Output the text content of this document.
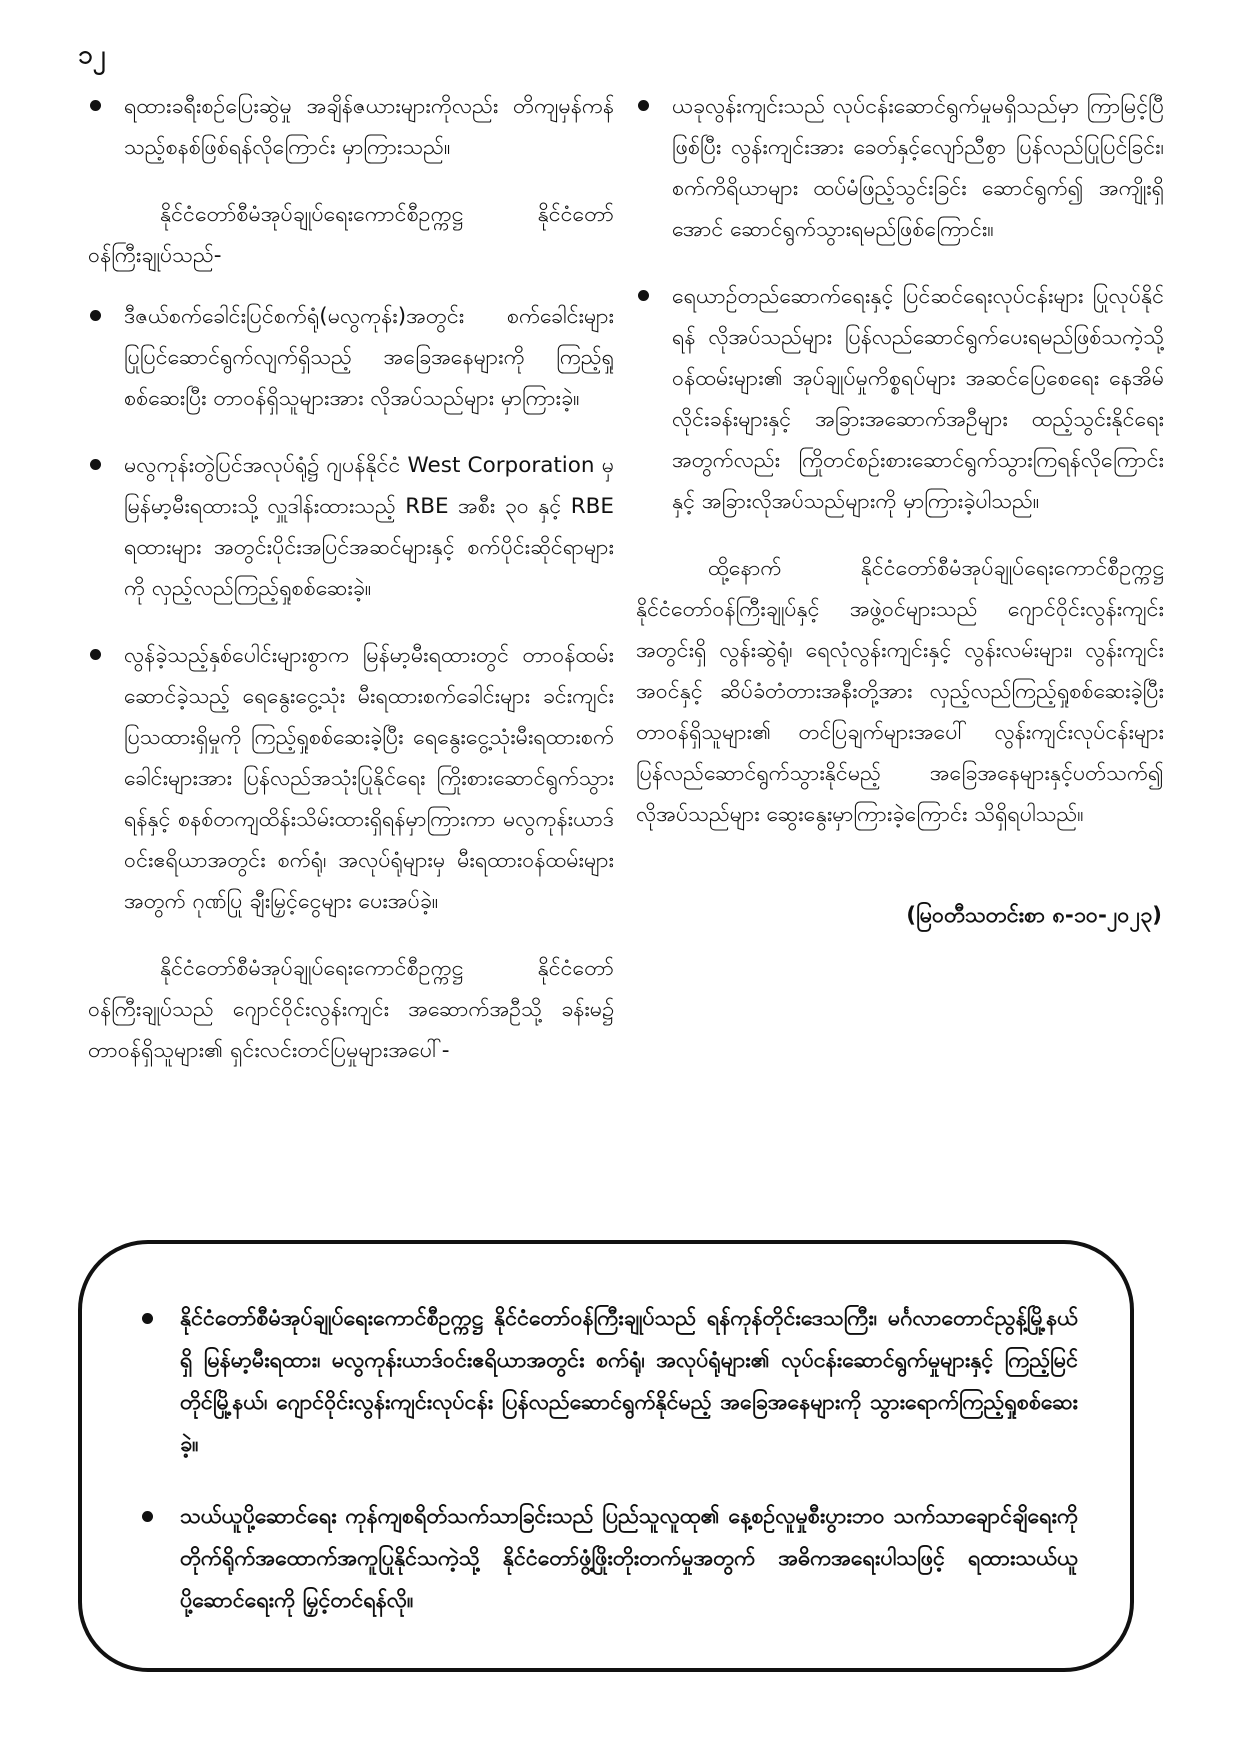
၁၂
ရထားခရီးစဉ်ပြေးဆွဲမှု အချိန်ဇယားများကိုလည်း တိကျမှန်ကန်သည့်စနစ်ဖြစ်ရန်လိုကြောင်း မှာကြားသည်။

နိုင်ငံတော်စီမံအုပ်ချုပ်ရေးကောင်စီဥက္ကဋ္ဌ နိုင်ငံတော်ဝန်ကြီးချုပ်သည်-

ဒီဇယ်စက်ခေါင်းပြင်စက်ရုံ(မလွကုန်း)အတွင်း စက်ခေါင်းများ ပြုပြင်ဆောင်ရွက်လျက်ရှိသည့် အခြေအနေများကို ကြည့်ရှုစစ်ဆေးပြီး တာဝန်ရှိသူများအား လိုအပ်သည်များ မှာကြားခဲ့။
မလွကုန်းတွဲပြင်အလုပ်ရုံ၌ ဂျပန်နိုင်ငံ West Corporation မှ မြန်မာ့မီးရထားသို့ လှူဒါန်းထားသည့် RBE အစီး ၃၀ နှင့် RBE ရထားများ အတွင်းပိုင်းအပြင်အဆင်များနှင့် စက်ပိုင်းဆိုင်ရာများကို လှည့်လည်ကြည့်ရှုစစ်ဆေးခဲ့။
လွန်ခဲ့သည့်နှစ်ပေါင်းများစွာက မြန်မာ့မီးရထားတွင် တာဝန်ထမ်းဆောင်ခဲ့သည့် ရေနွေးငွေ့သုံး မီးရထားစက်ခေါင်းများ ခင်းကျင်းပြသထားရှိမှုကို ကြည့်ရှုစစ်ဆေးခဲ့ပြီး ရေနွေးငွေ့သုံးမီးရထားစက်ခေါင်းများအား ပြန်လည်အသုံးပြုနိုင်ရေး ကြိုးစားဆောင်ရွက်သွားရန်နှင့် စနစ်တကျထိန်းသိမ်းထားရှိရန်မှာကြားကာ မလွကုန်းယာဒ်ဝင်းဧရိယာအတွင်း စက်ရုံ၊ အလုပ်ရုံများမှ မီးရထားဝန်ထမ်းများအတွက် ဂုဏ်ပြု ချီးမြှင့်ငွေများ ပေးအပ်ခဲ့။

နိုင်ငံတော်စီမံအုပ်ချုပ်ရေးကောင်စီဥက္ကဋ္ဌ နိုင်ငံတော်ဝန်ကြီးချုပ်သည် ဂျောင်ဝိုင်းလွန်းကျင်း အဆောက်အဦသို့ ခန်းမ၌ တာဝန်ရှိသူများ၏ ရှင်းလင်းတင်ပြမှုများအပေါ်-

ယခုလွန်းကျင်းသည် လုပ်ငန်းဆောင်ရွက်မှုမရှိသည်မှာ ကြာမြင့်ပြီဖြစ်ပြီး လွန်းကျင်းအား ခေတ်နှင့်လျော်ညီစွာ ပြန်လည်ပြုပြင်ခြင်း၊ စက်ကိရိယာများ ထပ်မံဖြည့်သွင်းခြင်း ဆောင်ရွက်၍ အကျိုးရှိအောင် ဆောင်ရွက်သွားရမည်ဖြစ်ကြောင်း။
ရေယာဉ်တည်ဆောက်ရေးနှင့် ပြင်ဆင်ရေးလုပ်ငန်းများ ပြုလုပ်နိုင်ရန် လိုအပ်သည်များ ပြန်လည်ဆောင်ရွက်ပေးရမည်ဖြစ်သကဲ့သို့ ဝန်ထမ်းများ၏ အုပ်ချုပ်မှုကိစ္စရပ်များ အဆင်ပြေစေရေး နေအိမ်လိုင်းခန်းများနှင့် အခြားအဆောက်အဦများ ထည့်သွင်းနိုင်ရေးအတွက်လည်း ကြိုတင်စဉ်းစားဆောင်ရွက်သွားကြရန်လိုကြောင်းနှင့် အခြားလိုအပ်သည်များကို မှာကြားခဲ့ပါသည်။

ထို့နောက် နိုင်ငံတော်စီမံအုပ်ချုပ်ရေးကောင်စီဥက္ကဋ္ဌ နိုင်ငံတော်ဝန်ကြီးချုပ်နှင့် အဖွဲ့ဝင်များသည် ဂျောင်ဝိုင်းလွန်းကျင်းအတွင်းရှိ လွန်းဆွဲရုံ၊ ရေလုံလွန်းကျင်းနှင့် လွန်းလမ်းများ၊ လွန်းကျင်းအဝင်နှင့် ဆိပ်ခံတံတားအနီးတို့အား လှည့်လည်ကြည့်ရှုစစ်ဆေးခဲ့ပြီး တာဝန်ရှိသူများ၏ တင်ပြချက်များအပေါ် လွန်းကျင်းလုပ်ငန်းများ ပြန်လည်ဆောင်ရွက်သွားနိုင်မည့် အခြေအနေများနှင့်ပတ်သက်၍ လိုအပ်သည်များ ဆွေးနွေးမှာကြားခဲ့ကြောင်း သိရှိရပါသည်။

(မြဝတီသတင်းစာ ၈-၁၀-၂၀၂၃)
နိုင်ငံတော်စီမံအုပ်ချုပ်ရေးကောင်စီဥက္ကဋ္ဌ နိုင်ငံတော်ဝန်ကြီးချုပ်သည် ရန်ကုန်တိုင်းဒေသကြီး၊ မင်္ဂလာတောင်ညွန့်မြို့နယ်ရှိ မြန်မာ့မီးရထား၊ မလွကုန်းယာဒ်ဝင်းဧရိယာအတွင်း စက်ရုံ၊ အလုပ်ရုံများ၏ လုပ်ငန်းဆောင်ရွက်မှုများနှင့် ကြည့်မြင်တိုင်မြို့နယ်၊ ဂျောင်ဝိုင်းလွန်းကျင်းလုပ်ငန်း ပြန်လည်ဆောင်ရွက်နိုင်မည့် အခြေအနေများကို သွားရောက်ကြည့်ရှုစစ်ဆေးခဲ့။
သယ်ယူပို့ဆောင်ရေး ကုန်ကျစရိတ်သက်သာခြင်းသည် ပြည်သူလူထု၏ နေ့စဉ်လူမှုစီးပွားဘဝ သက်သာချောင်ချိရေးကို တိုက်ရိုက်အထောက်အကူပြုနိုင်သကဲ့သို့ နိုင်ငံတော်ဖွံ့ဖြိုးတိုးတက်မှုအတွက် အဓိကအရေးပါသဖြင့် ရထားသယ်ယူပို့ဆောင်ရေးကို မြှင့်တင်ရန်လို။
